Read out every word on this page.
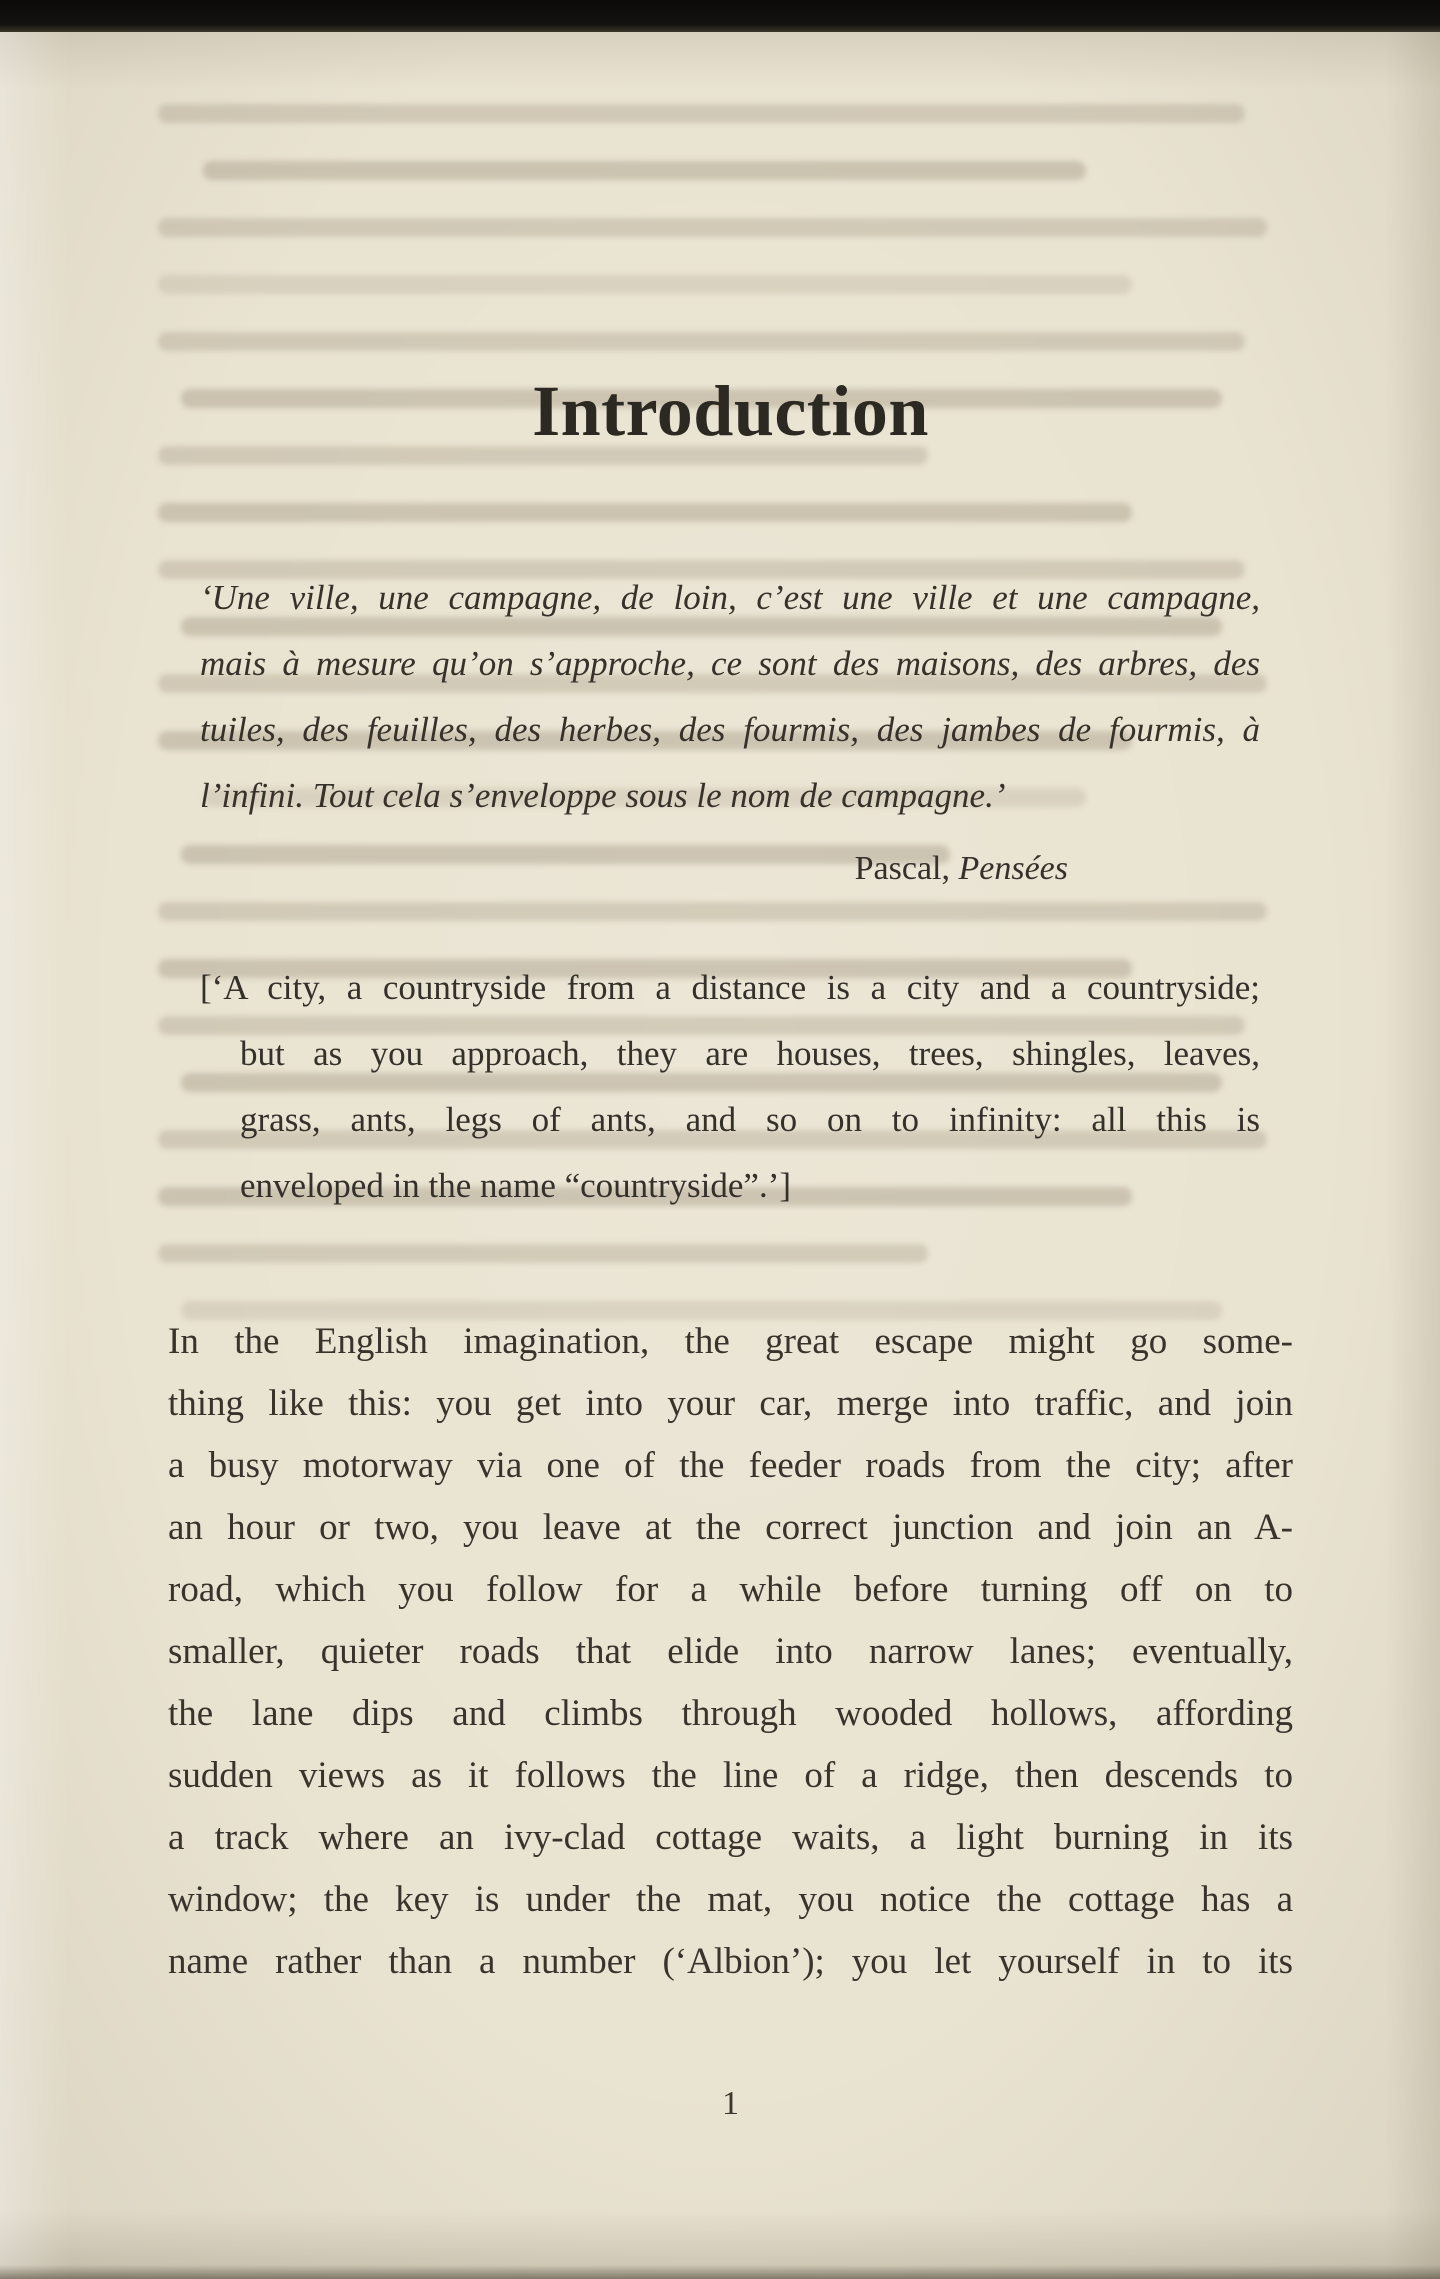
Introduction
‘Une ville, une campagne, de loin, c’est une ville et une campagne,
mais à mesure qu’on s’approche, ce sont des maisons, des arbres, des
tuiles, des feuilles, des herbes, des fourmis, des jambes de fourmis, à
l’infini. Tout cela s’enveloppe sous le nom de campagne.’
Pascal, Pensées
[‘A city, a countryside from a distance is a city and a countryside;
but as you approach, they are houses, trees, shingles, leaves,
grass, ants, legs of ants, and so on to infinity: all this is
enveloped in the name “countryside”.’]
In the English imagination, the great escape might go some-
thing like this: you get into your car, merge into traffic, and join
a busy motorway via one of the feeder roads from the city; after
an hour or two, you leave at the correct junction and join an A-
road, which you follow for a while before turning off on to
smaller, quieter roads that elide into narrow lanes; eventually,
the lane dips and climbs through wooded hollows, affording
sudden views as it follows the line of a ridge, then descends to
a track where an ivy-clad cottage waits, a light burning in its
window; the key is under the mat, you notice the cottage has a
name rather than a number (‘Albion’); you let yourself in to its
1
